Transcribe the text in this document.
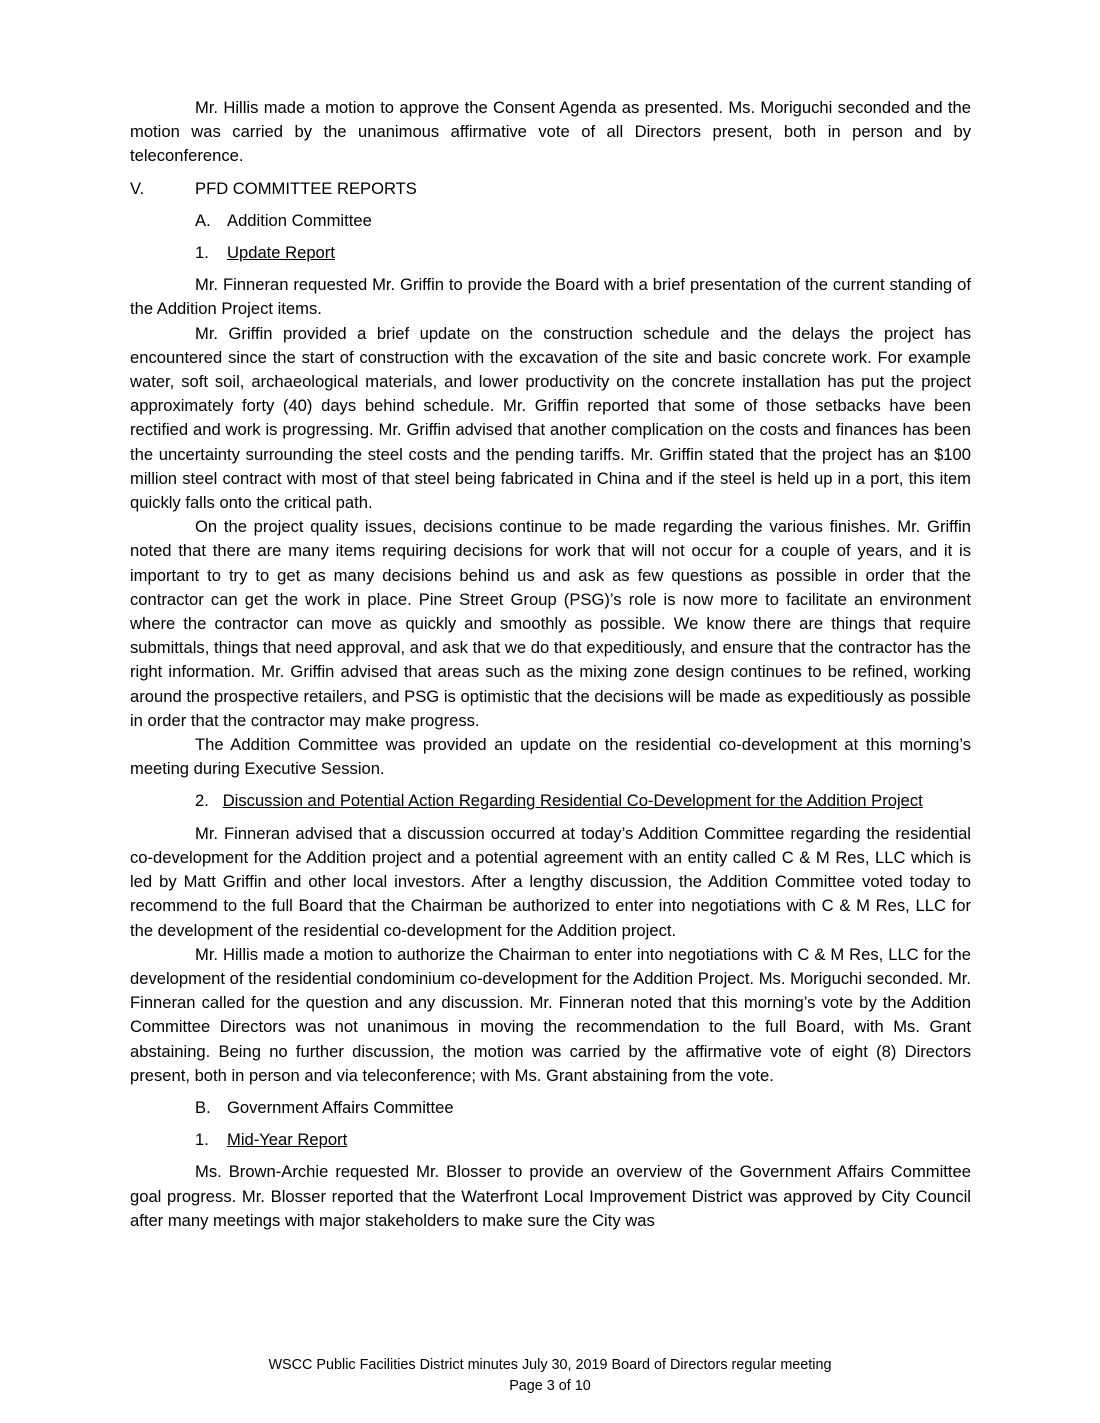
Mr. Hillis made a motion to approve the Consent Agenda as presented. Ms. Moriguchi seconded and the motion was carried by the unanimous affirmative vote of all Directors present, both in person and by teleconference.

V.	PFD COMMITTEE REPORTS
A. Addition Committee
1.	Update Report

Mr. Finneran requested Mr. Griffin to provide the Board with a brief presentation of the current standing of the Addition Project items.

Mr. Griffin provided a brief update on the construction schedule and the delays the project has encountered since the start of construction with the excavation of the site and basic concrete work. For example water, soft soil, archaeological materials, and lower productivity on the concrete installation has put the project approximately forty (40) days behind schedule. Mr. Griffin reported that some of those setbacks have been rectified and work is progressing. Mr. Griffin advised that another complication on the costs and finances has been the uncertainty surrounding the steel costs and the pending tariffs. Mr. Griffin stated that the project has an $100 million steel contract with most of that steel being fabricated in China and if the steel is held up in a port, this item quickly falls onto the critical path.

On the project quality issues, decisions continue to be made regarding the various finishes. Mr. Griffin noted that there are many items requiring decisions for work that will not occur for a couple of years, and it is important to try to get as many decisions behind us and ask as few questions as possible in order that the contractor can get the work in place. Pine Street Group (PSG)’s role is now more to facilitate an environment where the contractor can move as quickly and smoothly as possible. We know there are things that require submittals, things that need approval, and ask that we do that expeditiously, and ensure that the contractor has the right information. Mr. Griffin advised that areas such as the mixing zone design continues to be refined, working around the prospective retailers, and PSG is optimistic that the decisions will be made as expeditiously as possible in order that the contractor may make progress.

The Addition Committee was provided an update on the residential co-development at this morning’s meeting during Executive Session.

2. Discussion and Potential Action Regarding Residential Co-Development for the Addition Project

Mr. Finneran advised that a discussion occurred at today’s Addition Committee regarding the residential co-development for the Addition project and a potential agreement with an entity called C & M Res, LLC which is led by Matt Griffin and other local investors. After a lengthy discussion, the Addition Committee voted today to recommend to the full Board that the Chairman be authorized to enter into negotiations with C & M Res, LLC for the development of the residential co-development for the Addition project.

Mr. Hillis made a motion to authorize the Chairman to enter into negotiations with C & M Res, LLC for the development of the residential condominium co-development for the Addition Project. Ms. Moriguchi seconded. Mr. Finneran called for the question and any discussion. Mr. Finneran noted that this morning’s vote by the Addition Committee Directors was not unanimous in moving the recommendation to the full Board, with Ms. Grant abstaining. Being no further discussion, the motion was carried by the affirmative vote of eight (8) Directors present, both in person and via teleconference; with Ms. Grant abstaining from the vote.

B. Government Affairs Committee
1.	Mid-Year Report

Ms. Brown-Archie requested Mr. Blosser to provide an overview of the Government Affairs Committee goal progress. Mr. Blosser reported that the Waterfront Local Improvement District was approved by City Council after many meetings with major stakeholders to make sure the City was

WSCC Public Facilities District minutes July 30, 2019 Board of Directors regular meeting
Page 3 of 10
